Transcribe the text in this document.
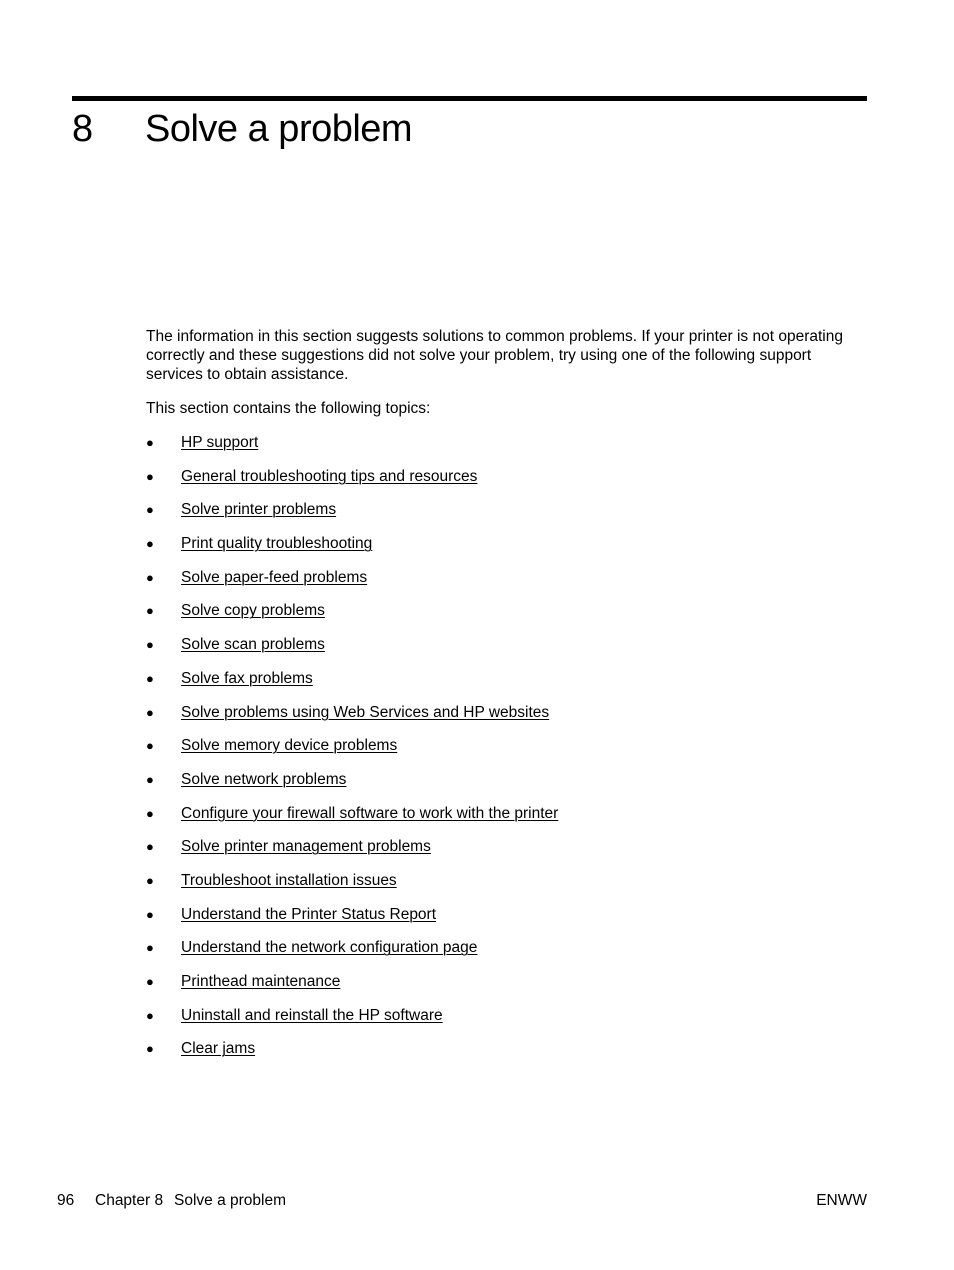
8 Solve a problem

The information in this section suggests solutions to common problems. If your printer is not operating correctly and these suggestions did not solve your problem, try using one of the following support services to obtain assistance.

This section contains the following topics:

●	HP support
●	General troubleshooting tips and resources
●	Solve printer problems
●	Print quality troubleshooting
●	Solve paper-feed problems
●	Solve copy problems
●	Solve scan problems
●	Solve fax problems
●	Solve problems using Web Services and HP websites
●	Solve memory device problems
●	Solve network problems
●	Configure your firewall software to work with the printer
●	Solve printer management problems
●	Troubleshoot installation issues
●	Understand the Printer Status Report
●	Understand the network configuration page
●	Printhead maintenance
●	Uninstall and reinstall the HP software
●	Clear jams
96 Chapter 8 Solve a problem	ENWW
